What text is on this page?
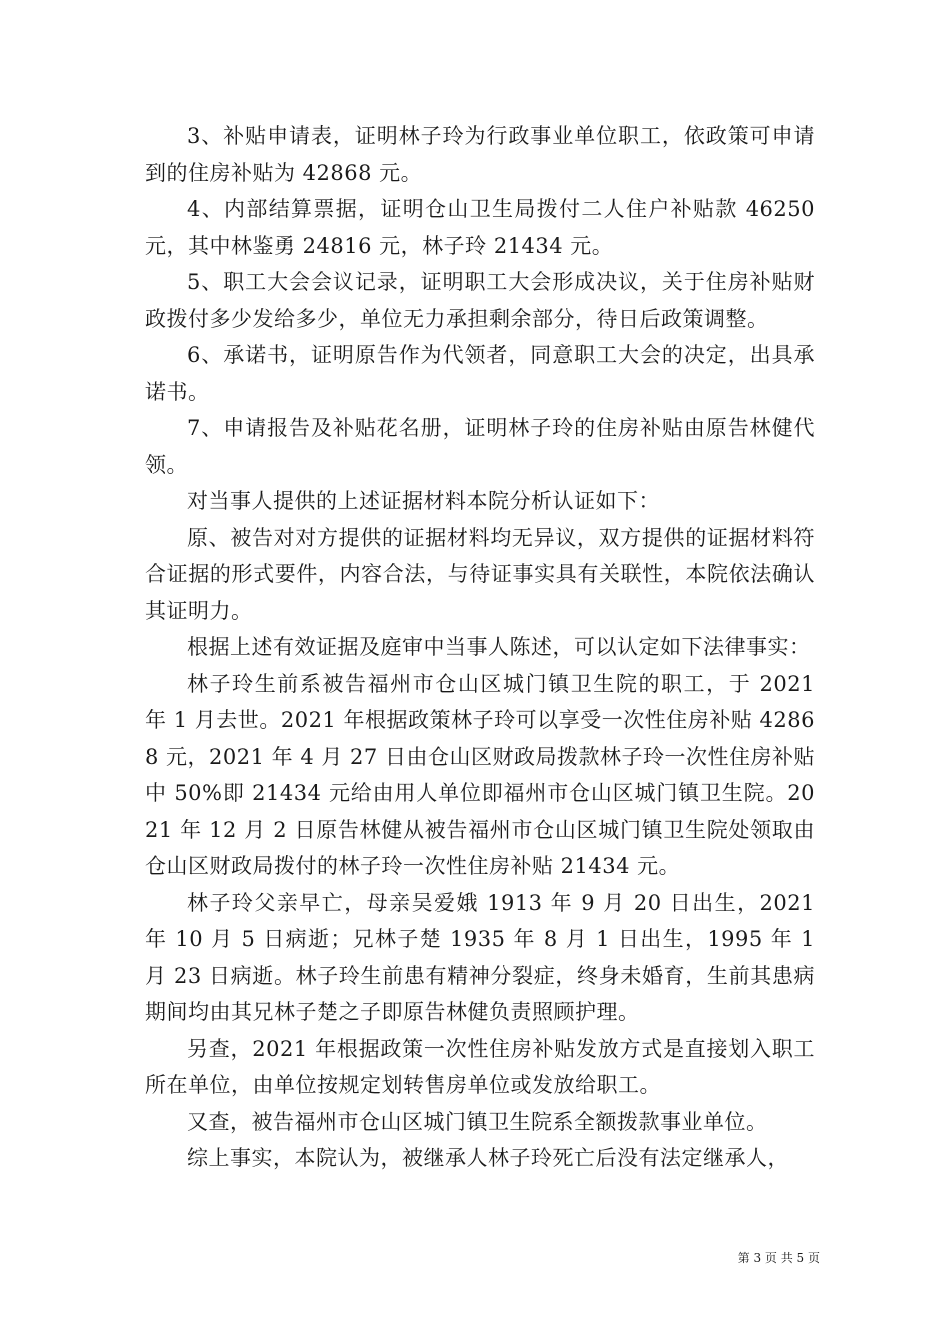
3、补贴申请表，证明林子玲为行政事业单位职工，依政策可申请到的住房补贴为 42868 元。

4、内部结算票据，证明仓山卫生局拨付二人住户补贴款 46250 元，其中林鉴勇 24816 元，林子玲 21434 元。

5、职工大会会议记录，证明职工大会形成决议，关于住房补贴财政拨付多少发给多少，单位无力承担剩余部分，待日后政策调整。

6、承诺书，证明原告作为代领者，同意职工大会的决定，出具承诺书。

7、申请报告及补贴花名册，证明林子玲的住房补贴由原告林健代领。

对当事人提供的上述证据材料本院分析认证如下：

原、被告对对方提供的证据材料均无异议，双方提供的证据材料符合证据的形式要件，内容合法，与待证事实具有关联性，本院依法确认其证明力。

根据上述有效证据及庭审中当事人陈述，可以认定如下法律事实：

林子玲生前系被告福州市仓山区城门镇卫生院的职工，于 2021 年 1 月去世。2021 年根据政策林子玲可以享受一次性住房补贴 42868 元，2021 年 4 月 27 日由仓山区财政局拨款林子玲一次性住房补贴中 50%即 21434 元给由用人单位即福州市仓山区城门镇卫生院。2021 年 12 月 2 日原告林健从被告福州市仓山区城门镇卫生院处领取由仓山区财政局拨付的林子玲一次性住房补贴 21434 元。

林子玲父亲早亡，母亲吴爱娥 1913 年 9 月 20 日出生，2021 年 10 月 5 日病逝；兄林子楚 1935 年 8 月 1 日出生，1995 年 1 月 23 日病逝。林子玲生前患有精神分裂症，终身未婚育，生前其患病期间均由其兄林子楚之子即原告林健负责照顾护理。

另查，2021 年根据政策一次性住房补贴发放方式是直接划入职工所在单位，由单位按规定划转售房单位或发放给职工。

又查，被告福州市仓山区城门镇卫生院系全额拨款事业单位。

综上事实，本院认为，被继承人林子玲死亡后没有法定继承人，

第 3 页 共 5 页
